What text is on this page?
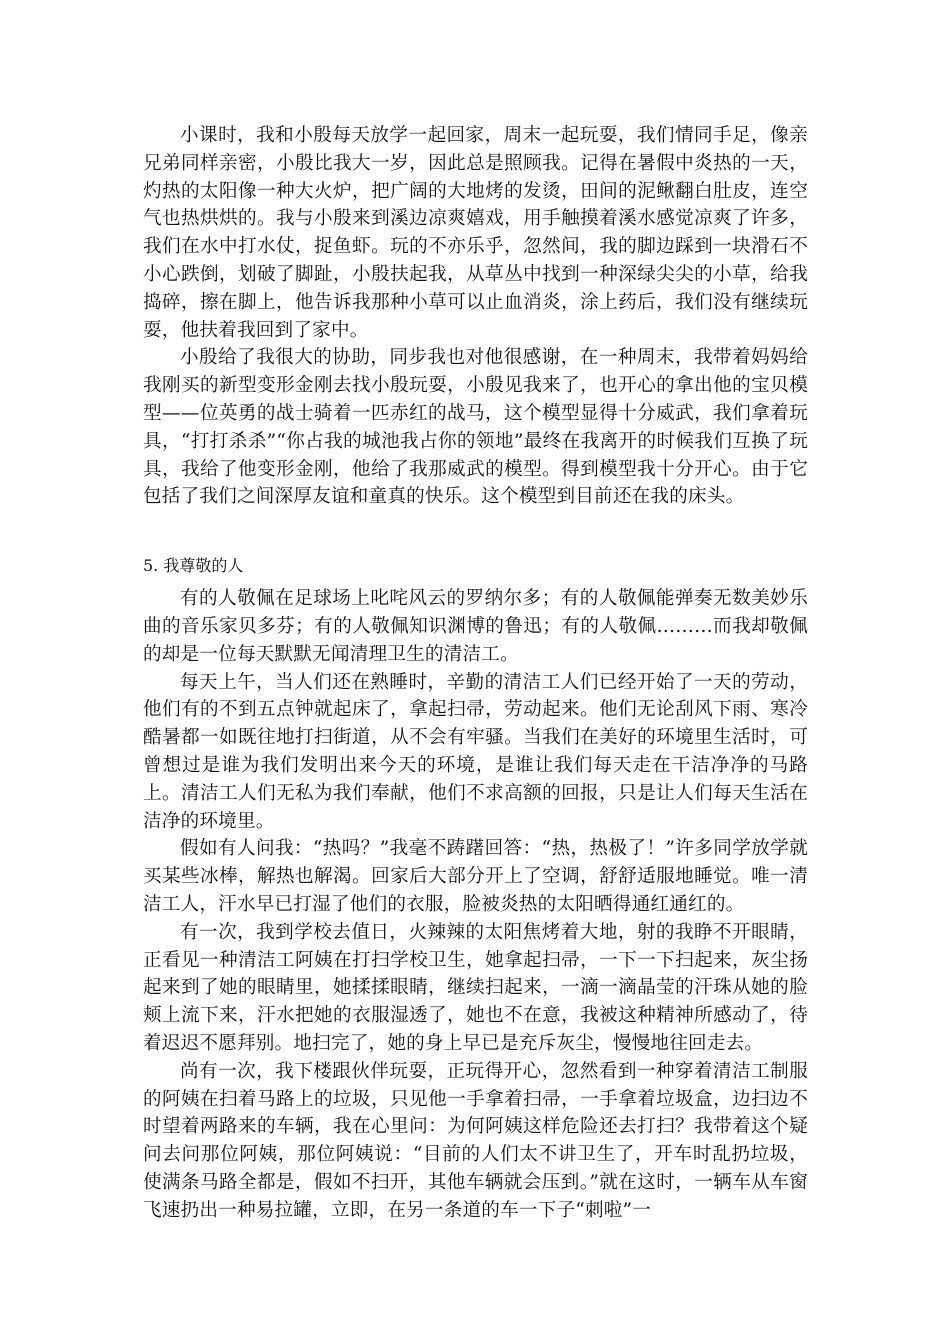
小课时，我和小殷每天放学一起回家，周末一起玩耍，我们情同手足，像亲兄弟同样亲密，小殷比我大一岁，因此总是照顾我。记得在暑假中炎热的一天，灼热的太阳像一种大火炉，把广阔的大地烤的发烫，田间的泥鳅翻白肚皮，连空气也热烘烘的。我与小殷来到溪边凉爽嬉戏，用手触摸着溪水感觉凉爽了许多，我们在水中打水仗，捉鱼虾。玩的不亦乐乎，忽然间，我的脚边踩到一块滑石不小心跌倒，划破了脚趾，小殷扶起我，从草丛中找到一种深绿尖尖的小草，给我捣碎，擦在脚上，他告诉我那种小草可以止血消炎，涂上药后，我们没有继续玩耍，他扶着我回到了家中。

小殷给了我很大的协助，同步我也对他很感谢，在一种周末，我带着妈妈给我刚买的新型变形金刚去找小殷玩耍，小殷见我来了，也开心的拿出他的宝贝模型——位英勇的战士骑着一匹赤红的战马，这个模型显得十分威武，我们拿着玩具，“打打杀杀”“你占我的城池我占你的领地”最终在我离开的时候我们互换了玩具，我给了他变形金刚，他给了我那威武的模型。得到模型我十分开心。由于它包括了我们之间深厚友谊和童真的快乐。这个模型到目前还在我的床头。

5. 我尊敬的人

有的人敬佩在足球场上叱咤风云的罗纳尔多；有的人敬佩能弹奏无数美妙乐曲的音乐家贝多芬；有的人敬佩知识渊博的鲁迅；有的人敬佩………而我却敬佩的却是一位每天默默无闻清理卫生的清洁工。

每天上午，当人们还在熟睡时，辛勤的清洁工人们已经开始了一天的劳动，他们有的不到五点钟就起床了，拿起扫帚，劳动起来。他们无论刮风下雨、寒冷酷暑都一如既往地打扫街道，从不会有牢骚。当我们在美好的环境里生活时，可曾想过是谁为我们发明出来今天的环境，是谁让我们每天走在干洁净净的马路上。清洁工人们无私为我们奉献，他们不求高额的回报，只是让人们每天生活在洁净的环境里。

假如有人问我：“热吗？”我毫不踌躇回答：“热，热极了！”许多同学放学就买某些冰棒，解热也解渴。回家后大部分开上了空调，舒舒适服地睡觉。唯一清洁工人，汗水早已打湿了他们的衣服，脸被炎热的太阳晒得通红通红的。

有一次，我到学校去值日，火辣辣的太阳焦烤着大地，射的我睁不开眼睛，正看见一种清洁工阿姨在打扫学校卫生，她拿起扫帚，一下一下扫起来，灰尘扬起来到了她的眼睛里，她揉揉眼睛，继续扫起来，一滴一滴晶莹的汗珠从她的脸颊上流下来，汗水把她的衣服湿透了，她也不在意，我被这种精神所感动了，待着迟迟不愿拜别。地扫完了，她的身上早已是充斥灰尘，慢慢地往回走去。

尚有一次，我下楼跟伙伴玩耍，正玩得开心，忽然看到一种穿着清洁工制服的阿姨在扫着马路上的垃圾，只见他一手拿着扫帚，一手拿着垃圾盒，边扫边不时望着两路来的车辆，我在心里问：为何阿姨这样危险还去打扫？我带着这个疑问去问那位阿姨，那位阿姨说：“目前的人们太不讲卫生了，开车时乱扔垃圾，使满条马路全都是，假如不扫开，其他车辆就会压到。”就在这时，一辆车从车窗飞速扔出一种易拉罐，立即，在另一条道的车一下子“刺啦”一
